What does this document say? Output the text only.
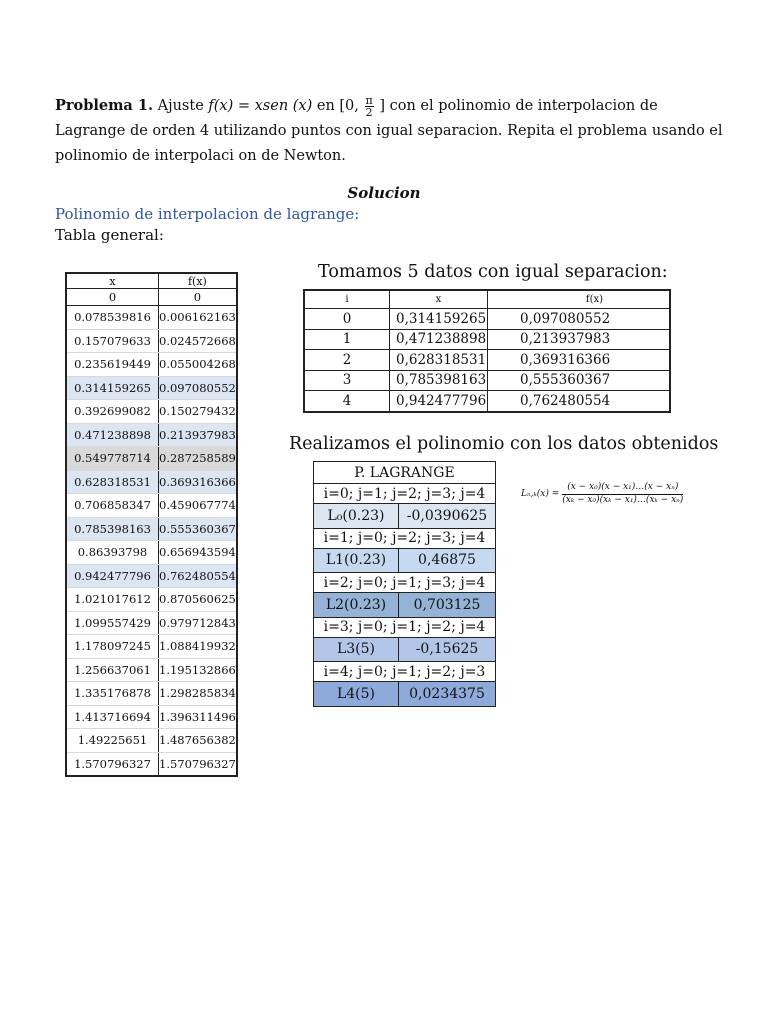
Problema 1. Ajuste f(x) = xsen (x) en [0, $\frac{\pi}{2}$ ] con el polinomio de interpolacion de Lagrange de orden 4 utilizando puntos con igual separacion. Repita el problema usando el polinomio de interpolaci on de Newton.
Solucion
Polinomio de interpolacion de lagrange:
Tabla general:
x	f(x)
0	0
0.078539816	0.006162163
0.157079633	0.024572668
0.235619449	0.055004268
0.314159265	0.097080552
0.392699082	0.150279432
0.471238898	0.213937983
0.549778714	0.287258589
0.628318531	0.369316366
0.706858347	0.459067774
0.785398163	0.555360367
0.86393798	0.656943594
0.942477796	0.762480554
1.021017612	0.870560625
1.099557429	0.979712843
1.178097245	1.088419932
1.256637061	1.195132866
1.335176878	1.298285834
1.413716694	1.396311496
1.49225651	1.487656382
1.570796327	1.570796327
Tomamos 5 datos con igual separacion:
i	x	f(x)
0	0,314159265	0,097080552
1	0,471238898	0,213937983
2	0,628318531	0,369316366
3	0,785398163	0,555360367
4	0,942477796	0,762480554
Realizamos el polinomio con los datos obtenidos
P. LAGRANGE	
i=0; j=1; j=2; j=3; j=4	
L₀(0.23)	-0,0390625
i=1; j=0; j=2; j=3; j=4	
L1(0.23)	0,46875
i=2; j=0; j=1; j=3; j=4	
L2(0.23)	0,703125
i=3; j=0; j=1; j=2; j=4	
L3(5)	-0,15625
i=4; j=0; j=1; j=2; j=3	
L4(5)	0,0234375
$L_n,_k(x) = \frac{\text{(x − x₀)(x − x₁)…(x − xₙ)}}{\text{(xₖ − x₀)(xₖ − x₁)…(xₖ − xₙ)}}$
